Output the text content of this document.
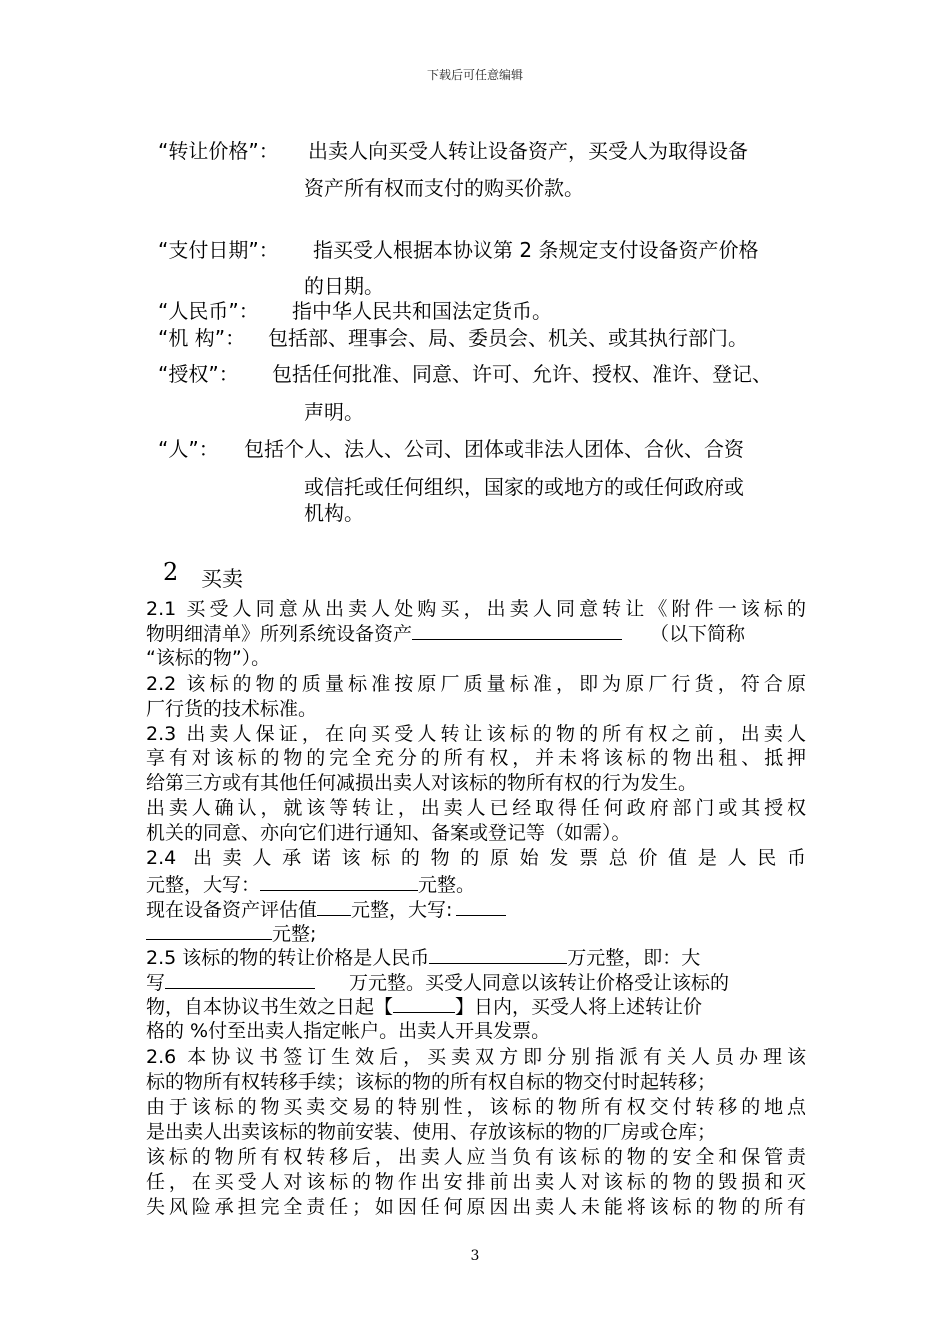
下载后可任意编辑
“转让价格”： 出卖人向买受人转让设备资产，买受人为取得设备
资产所有权而支付的购买价款。
“支付日期”： 指买受人根据本协议第 2 条规定支付设备资产价格
的日期。
“人民币”： 指中华人民共和国法定货币。
“机 构”： 包括部、理事会、局、委员会、机关、或其执行部门。
“授权”： 包括任何批准、同意、许可、允许、授权、准许、登记、
声明。
“人”： 包括个人、法人、公司、团体或非法人团体、合伙、合资
或信托或任何组织，国家的或地方的或任何政府或
机构。
2 买卖
2.1 买受人同意从出卖人处购买，出卖人同意转让《附件一该标的
物明细清单》所列系统设备资产	（以下简称
“该标的物”）。
2.2 该标的物的质量标准按原厂质量标准，即为原厂行货，符合原
厂行货的技术标准。
2.3 出卖人保证，在向买受人转让该标的物的所有权之前，出卖人
享有对该标的物的完全充分的所有权，并未将该标的物出租、抵押
给第三方或有其他任何减损出卖人对该标的物所有权的行为发生。
出卖人确认，就该等转让，出卖人已经取得任何政府部门或其授权
机关的同意、亦向它们进行通知、备案或登记等（如需）。
2.4 出卖人承诺该标的物的原始发票总价值是人民币
元整，大写：	元整。
现在设备资产评估值 元整，大写:
元整;
2.5 该标的物的转让价格是人民币	万元整，即：大
写	万元整。买受人同意以该转让价格受让该标的
物，自本协议书生效之日起【	】日内，买受人将上述转让价
格的 %付至出卖人指定帐户。出卖人开具发票。
2.6 本协议书签订生效后，买卖双方即分别指派有关人员办理该
标的物所有权转移手续；该标的物的所有权自标的物交付时起转移；
由于该标的物买卖交易的特别性，该标的物所有权交付转移的地点
是出卖人出卖该标的物前安装、使用、存放该标的物的厂房或仓库；
该标的物所有权转移后，出卖人应当负有该标的物的安全和保管责
任，在买受人对该标的物作出安排前出卖人对该标的物的毁损和灭
失风险承担完全责任；如因任何原因出卖人未能将该标的物的所有
3
